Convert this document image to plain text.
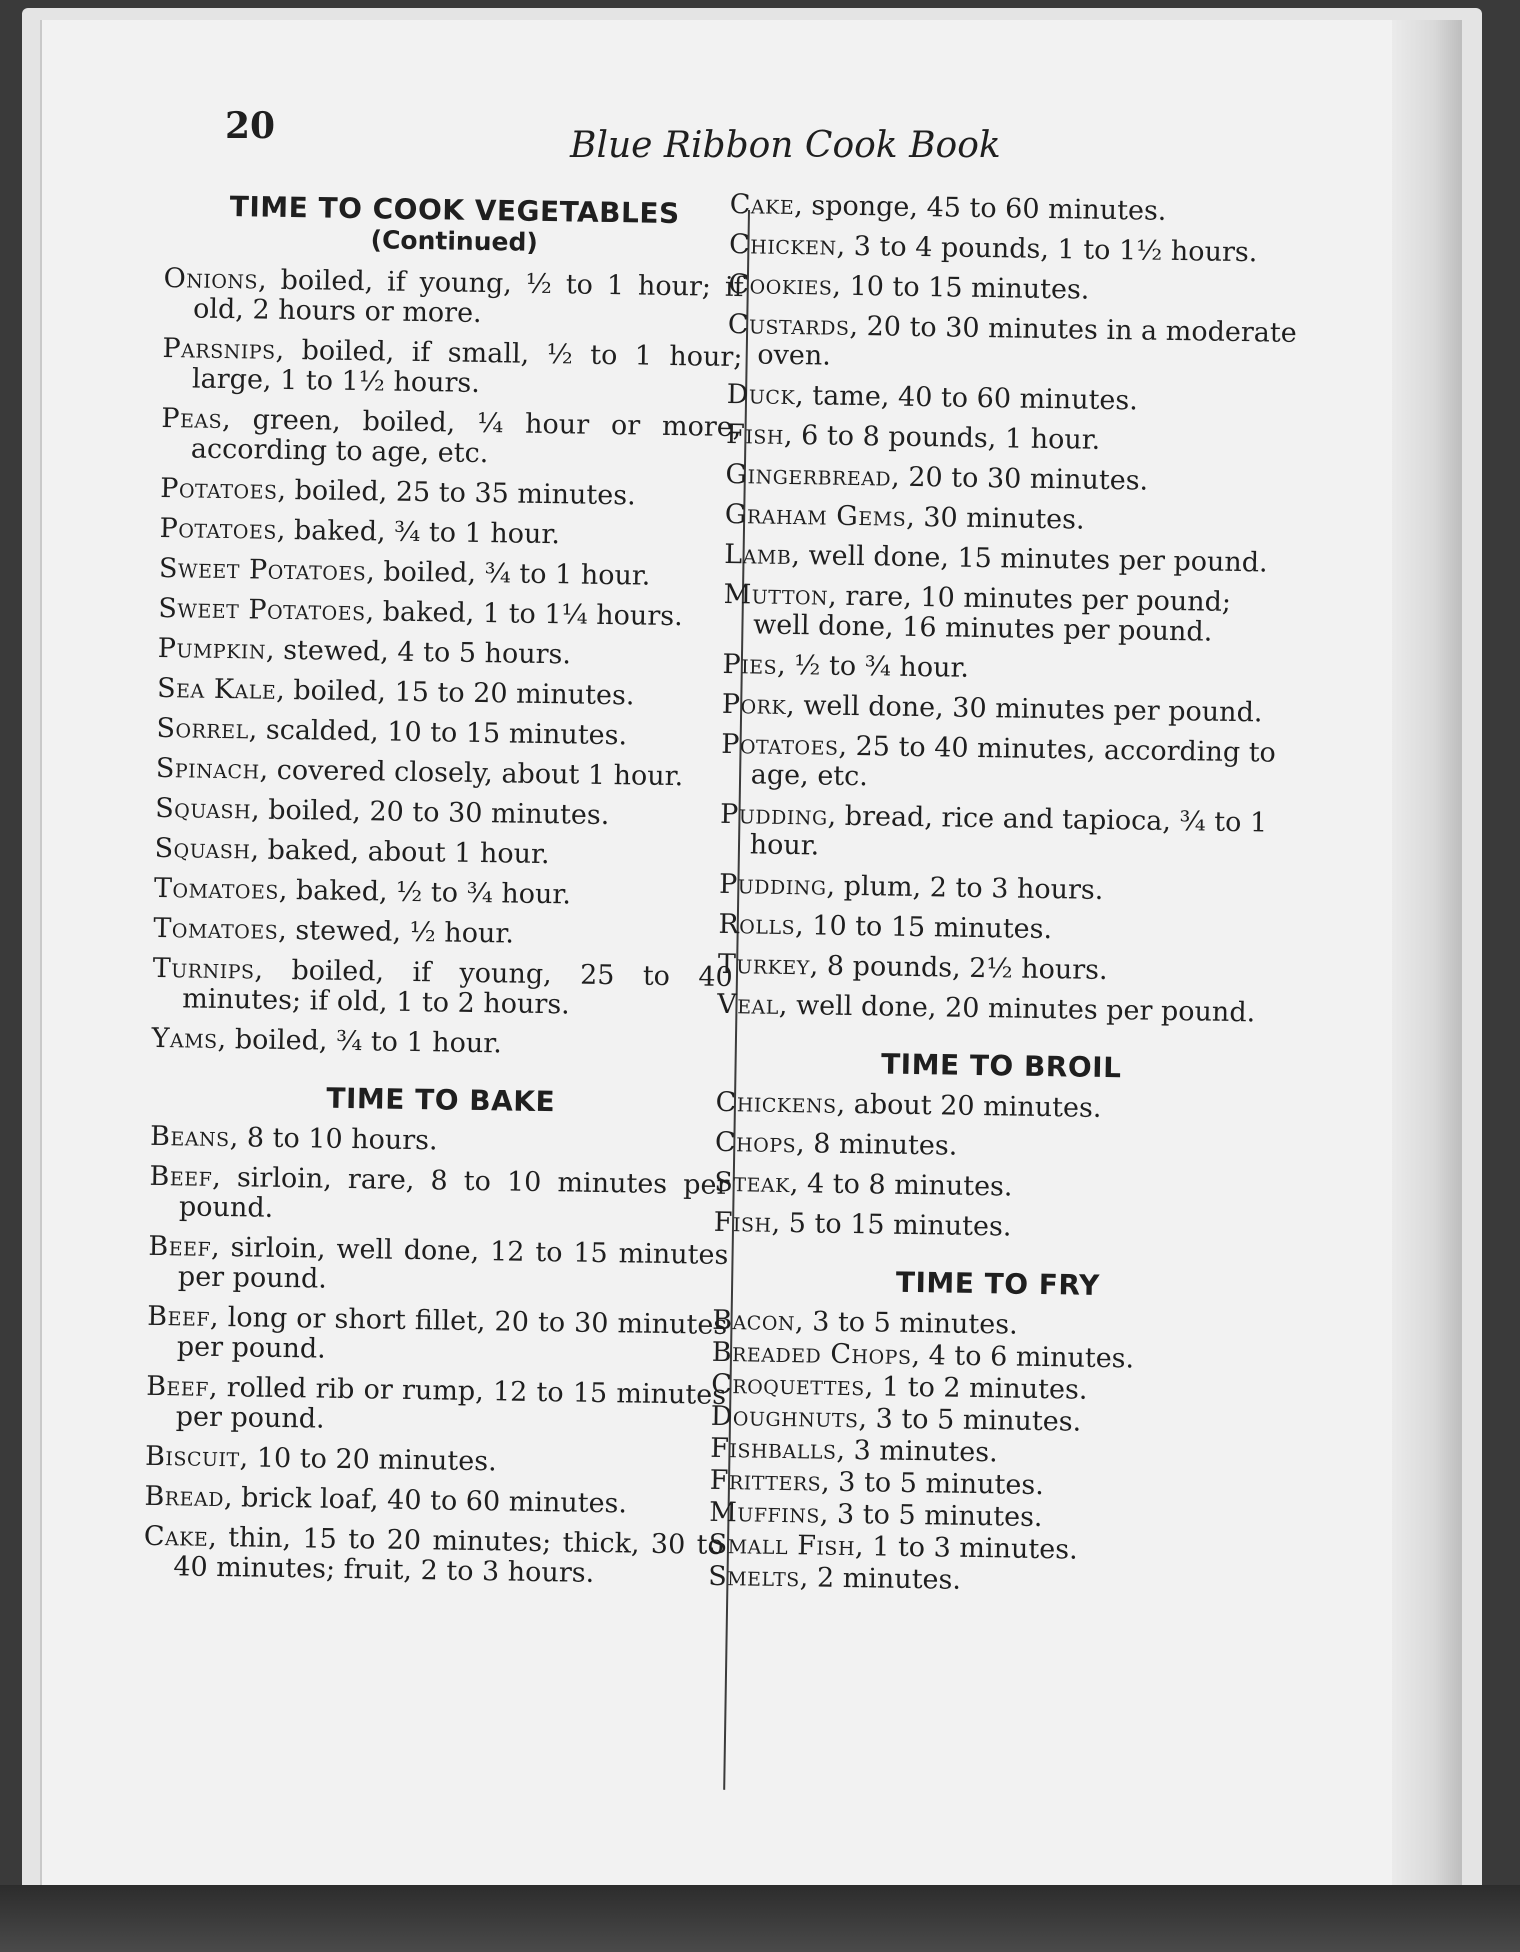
20	Blue Ribbon Cook Book
TIME TO COOK VEGETABLES
(Continued)
Onions, boiled, if young, ½ to 1 hour; if old, 2 hours or more.
Parsnips, boiled, if small, ½ to 1 hour; large, 1 to 1½ hours.
Peas, green, boiled, ¼ hour or more, according to age, etc.
Potatoes, boiled, 25 to 35 minutes.
Potatoes, baked, ¾ to 1 hour.
Sweet Potatoes, boiled, ¾ to 1 hour.
Sweet Potatoes, baked, 1 to 1¼ hours.
Pumpkin, stewed, 4 to 5 hours.
Sea Kale, boiled, 15 to 20 minutes.
Sorrel, scalded, 10 to 15 minutes.
Spinach, covered closely, about 1 hour.
Squash, boiled, 20 to 30 minutes.
Squash, baked, about 1 hour.
Tomatoes, baked, ½ to ¾ hour.
Tomatoes, stewed, ½ hour.
Turnips, boiled, if young, 25 to 40 minutes; if old, 1 to 2 hours.
Yams, boiled, ¾ to 1 hour.
TIME TO BAKE
Beans, 8 to 10 hours.
Beef, sirloin, rare, 8 to 10 minutes per pound.
Beef, sirloin, well done, 12 to 15 minutes per pound.
Beef, long or short fillet, 20 to 30 minutes per pound.
Beef, rolled rib or rump, 12 to 15 minutes per pound.
Biscuit, 10 to 20 minutes.
Bread, brick loaf, 40 to 60 minutes.
Cake, thin, 15 to 20 minutes; thick, 30 to 40 minutes; fruit, 2 to 3 hours.
Cake, sponge, 45 to 60 minutes.
Chicken, 3 to 4 pounds, 1 to 1½ hours.
Cookies, 10 to 15 minutes.
Custards, 20 to 30 minutes in a moderate oven.
Duck, tame, 40 to 60 minutes.
Fish, 6 to 8 pounds, 1 hour.
Gingerbread, 20 to 30 minutes.
Graham Gems, 30 minutes.
Lamb, well done, 15 minutes per pound.
Mutton, rare, 10 minutes per pound; well done, 16 minutes per pound.
Pies, ½ to ¾ hour.
Pork, well done, 30 minutes per pound.
Potatoes, 25 to 40 minutes, according to age, etc.
Pudding, bread, rice and tapioca, ¾ to 1 hour.
Pudding, plum, 2 to 3 hours.
Rolls, 10 to 15 minutes.
Turkey, 8 pounds, 2½ hours.
Veal, well done, 20 minutes per pound.
TIME TO BROIL
Chickens, about 20 minutes.
Chops, 8 minutes.
Steak, 4 to 8 minutes.
Fish, 5 to 15 minutes.
TIME TO FRY
Bacon, 3 to 5 minutes.
Breaded Chops, 4 to 6 minutes.
Croquettes, 1 to 2 minutes.
Doughnuts, 3 to 5 minutes.
Fishballs, 3 minutes.
Fritters, 3 to 5 minutes.
Muffins, 3 to 5 minutes.
Small Fish, 1 to 3 minutes.
Smelts, 2 minutes.
